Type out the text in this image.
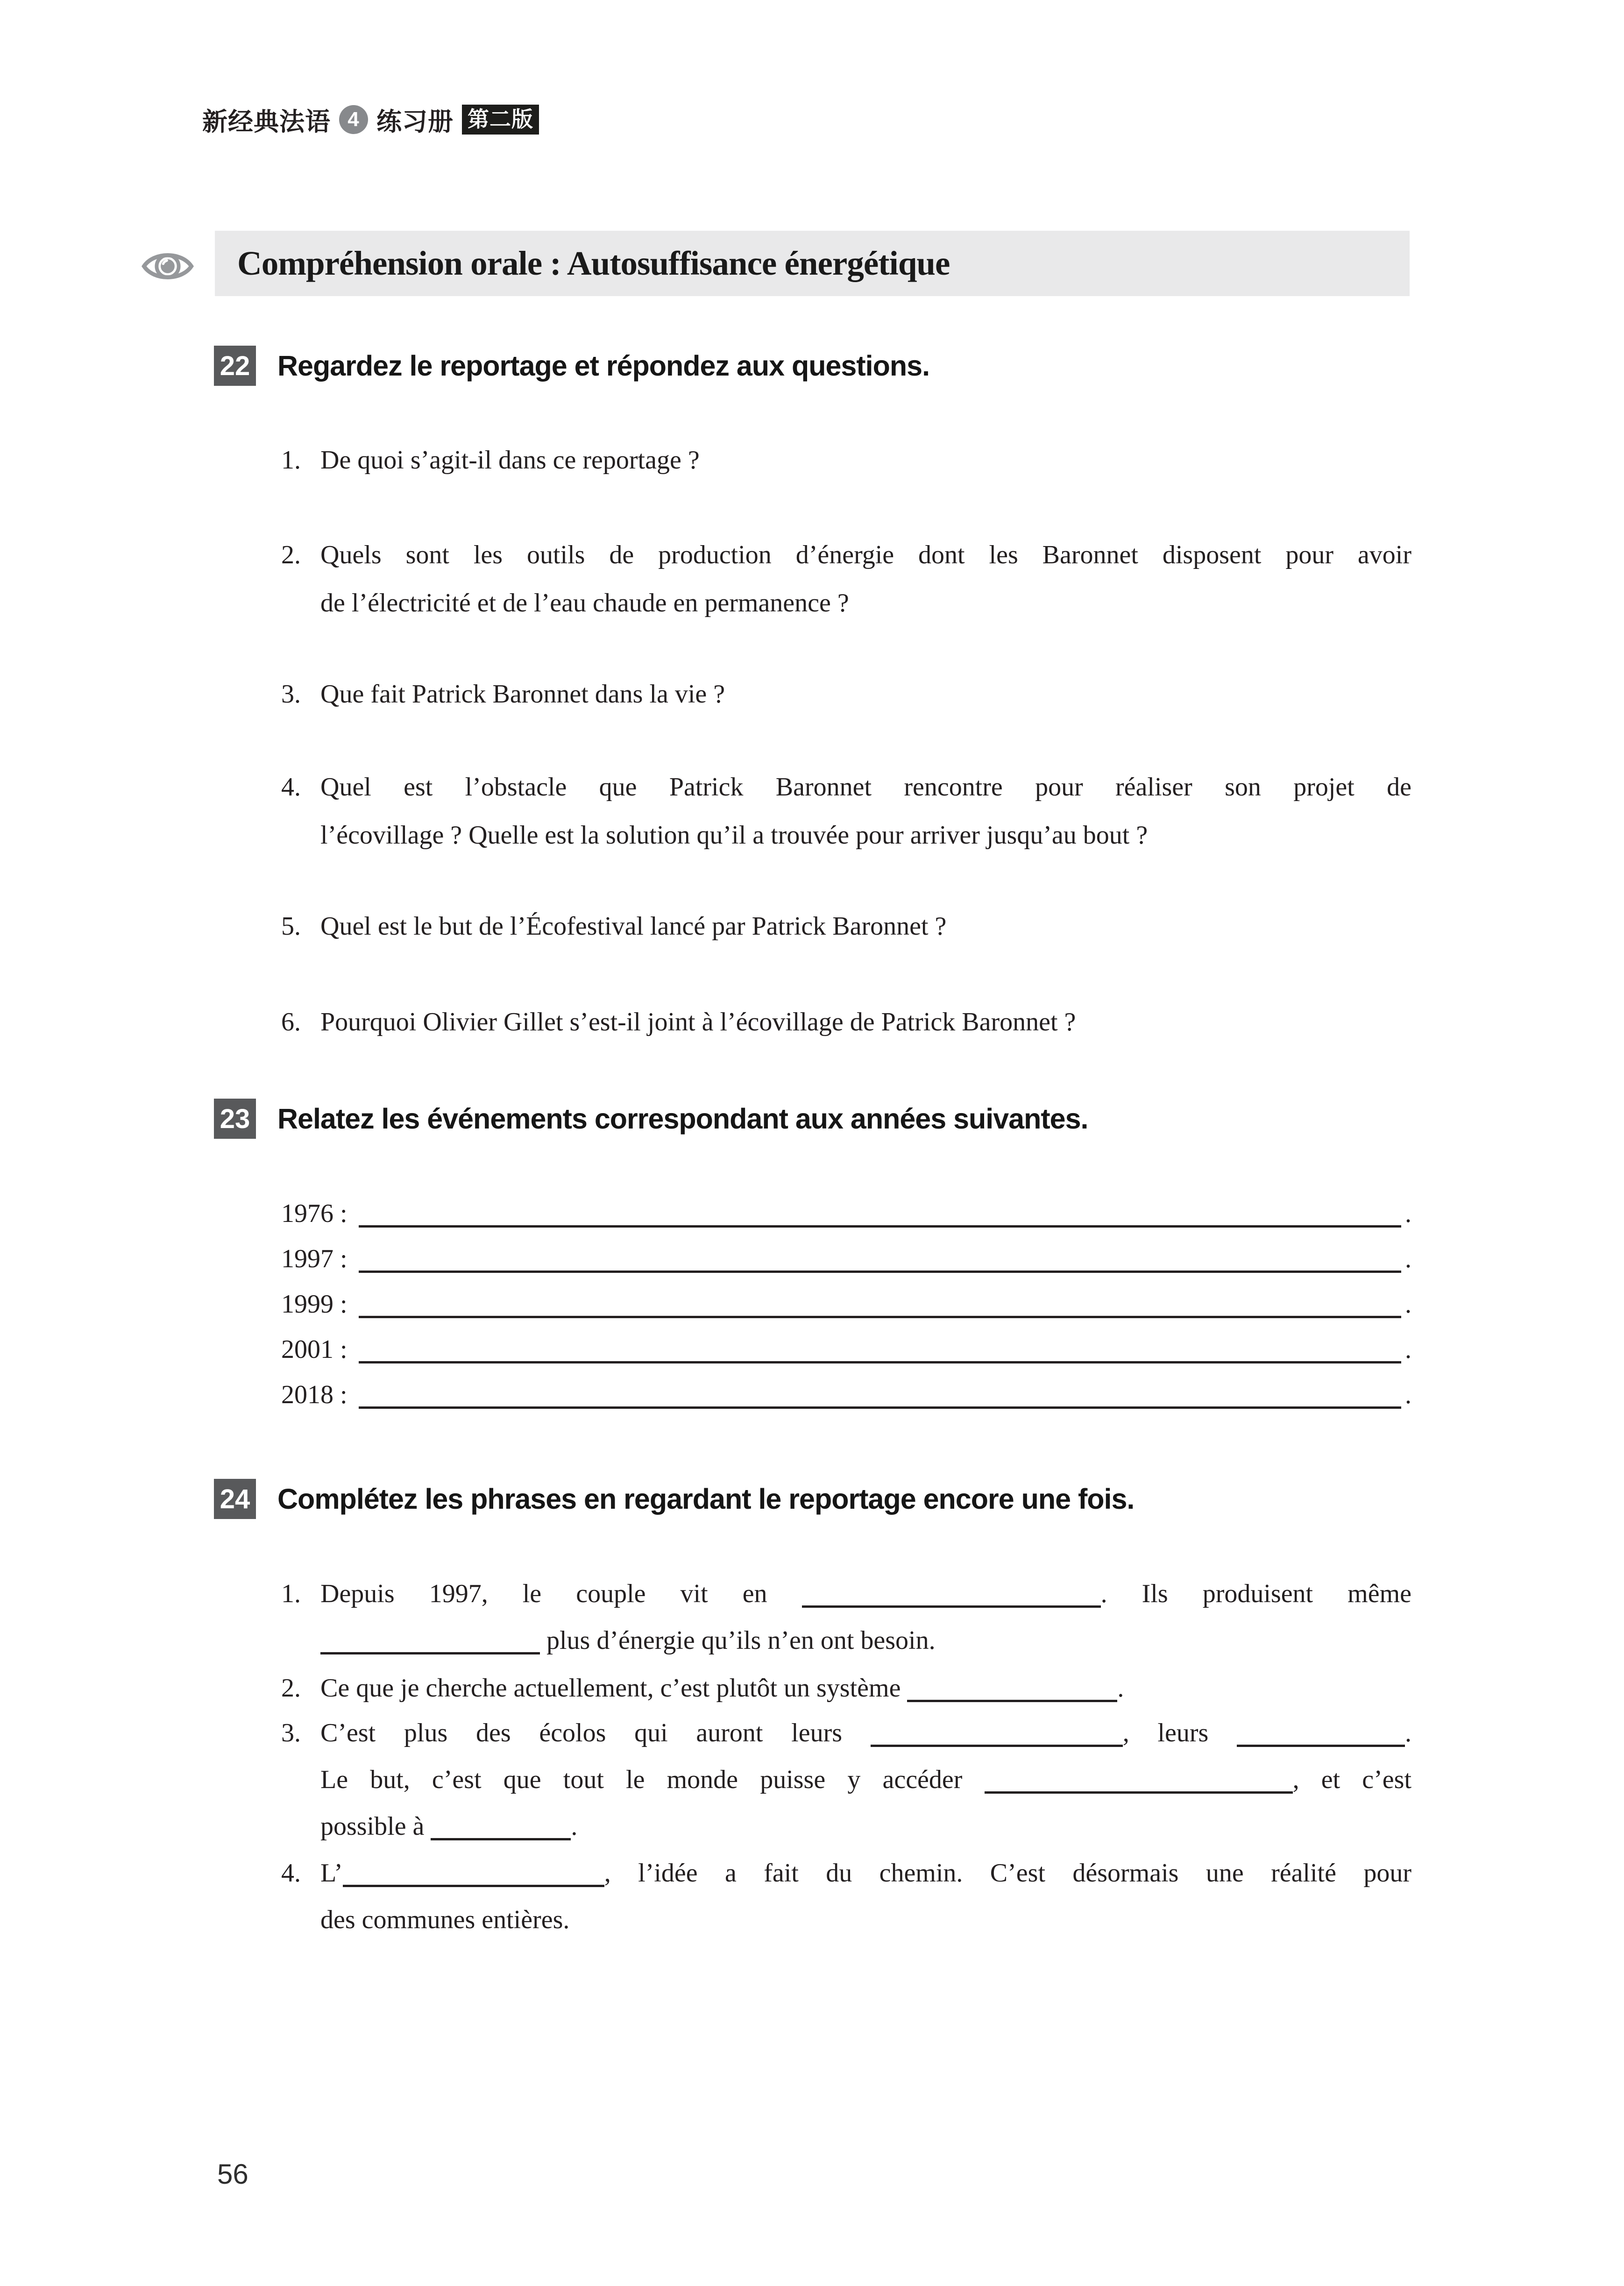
新经典法语 4 练习册 第二版
Compréhension orale : Autosuffisance énergétique
22 Regardez le reportage et répondez aux questions.
1. De quoi s’agit-il dans ce reportage ?
2. Quels sont les outils de production d’énergie dont les Baronnet disposent pour avoir
de l’électricité et de l’eau chaude en permanence ?
3. Que fait Patrick Baronnet dans la vie ?
4. Quel est l’obstacle que Patrick Baronnet rencontre pour réaliser son projet de
l’écovillage ? Quelle est la solution qu’il a trouvée pour arriver jusqu’au bout ?
5. Quel est le but de l’Écofestival lancé par Patrick Baronnet ?
6. Pourquoi Olivier Gillet s’est-il joint à l’écovillage de Patrick Baronnet ?
23 Relatez les événements correspondant aux années suivantes.
1976 :	.
1997 :	.
1999 :	.
2001 :	.
2018 :	.
24 Complétez les phrases en regardant le reportage encore une fois.
1. Depuis 1997, le couple vit en	. Ils produisent même
plus d’énergie qu’ils n’en ont besoin.
2. Ce que je cherche actuellement, c’est plutôt un système	.
3. C’est plus des écolos qui auront leurs	, leurs	.
Le but, c’est que tout le monde puisse y accéder	, et c’est
possible à	.
4. L’	, l’idée a fait du chemin. C’est désormais une réalité pour
des communes entières.
56
